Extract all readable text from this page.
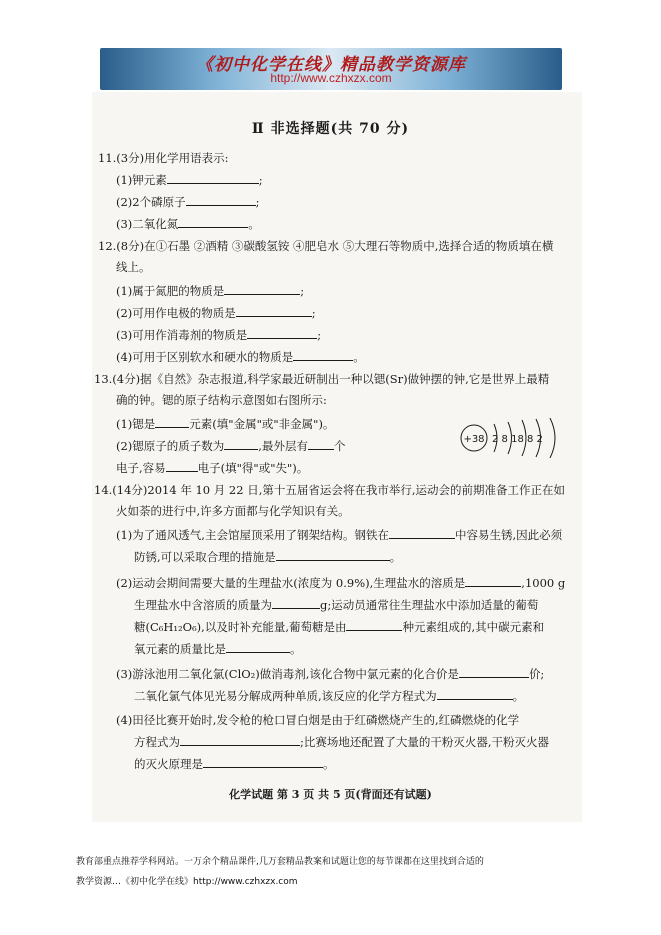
《初中化学在线》精品教学资源库
http://www.czhxzx.com
Ⅱ 非选择题(共 70 分)
11.(3分)用化学用语表示:
(1)钾元素	;
(2)2个磷原子	;
(3)二氧化氮	。
12.(8分)在①石墨 ②酒精 ③碳酸氢铵 ④肥皂水 ⑤大理石等物质中,选择合适的物质填在横
线上。
(1)属于氮肥的物质是	;
(2)可用作电极的物质是	;
(3)可用作消毒剂的物质是	;
(4)可用于区别软水和硬水的物质是	。
13.(4分)据《自然》杂志报道,科学家最近研制出一种以锶(Sr)做钟摆的钟,它是世界上最精
确的钟。锶的原子结构示意图如右图所示:
(1)锶是	元素(填"金属"或"非金属")。
(2)锶原子的质子数为	,最外层有 个
电子,容易	电子(填"得"或"失")。
+38 2 8 18 8 2
14.(14分)2014 年 10 月 22 日,第十五届省运会将在我市举行,运动会的前期准备工作正在如
火如荼的进行中,许多方面都与化学知识有关。
(1)为了通风透气,主会馆屋顶采用了钢架结构。钢铁在	中容易生锈,因此必须
防锈,可以采取合理的措施是	。
(2)运动会期间需要大量的生理盐水(浓度为 0.9%),生理盐水的溶质是	,1000 g
生理盐水中含溶质的质量为	g;运动员通常往生理盐水中添加适量的葡萄
糖(C₆H₁₂O₆),以及时补充能量,葡萄糖是由	种元素组成的,其中碳元素和
氧元素的质量比是	。
(3)游泳池用二氧化氯(ClO₂)做消毒剂,该化合物中氯元素的化合价是	价;
二氧化氯气体见光易分解成两种单质,该反应的化学方程式为	。
(4)田径比赛开始时,发令枪的枪口冒白烟是由于红磷燃烧产生的,红磷燃烧的化学
方程式为	;比赛场地还配置了大量的干粉灭火器,干粉灭火器
的灭火原理是	。
化学试题 第 3 页 共 5 页(背面还有试题)
教育部重点推荐学科网站。一万余个精品课件,几万套精品教案和试题让您的每节课都在这里找到合适的
教学资源…《初中化学在线》http://www.czhxzx.com
